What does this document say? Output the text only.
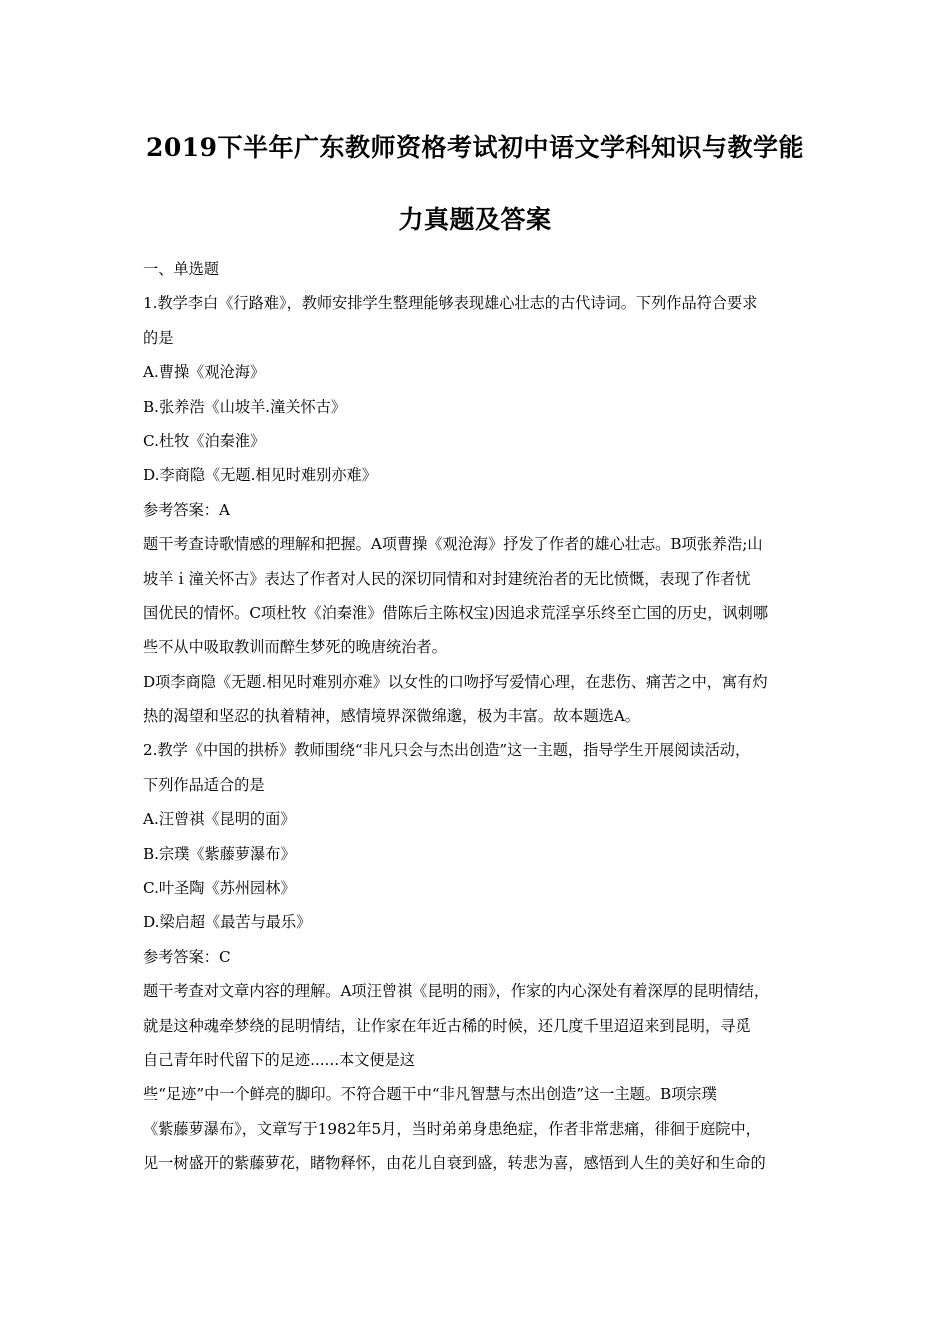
2019下半年广东教师资格考试初中语文学科知识与教学能
力真题及答案
一、单选题
1.教学李白《行路难》，教师安排学生整理能够表现雄心壮志的古代诗词。下列作品符合要求
的是
A.曹操《观沧海》
B.张养浩《山坡羊.潼关怀古》
C.杜牧《泊秦淮》
D.李商隐《无题.相见时难别亦难》
参考答案：A
题干考查诗歌情感的理解和把握。A项曹操《观沧海》抒发了作者的雄心壮志。B项张养浩;山
坡羊ｉ潼关怀古》表达了作者对人民的深切同情和对封建统治者的无比愤慨，表现了作者忧
国优民的情怀。C项杜牧《泊秦淮》借陈后主陈权宝)因追求荒淫享乐终至亡国的历史，讽刺哪
些不从中吸取教训而醉生梦死的晚唐统治者。
D项李商隐《无题.相见时难别亦难》以女性的口吻抒写爱情心理，在悲伤、痛苦之中，寓有灼
热的渴望和坚忍的执着精神，感情境界深微绵邈，极为丰富。故本题选A。
2.教学《中国的拱桥》教师围绕“非凡只会与杰出创造”这一主题，指导学生开展阅读活动，
下列作品适合的是
A.汪曾祺《昆明的面》
B.宗璞《紫藤萝瀑布》
C.叶圣陶《苏州园林》
D.梁启超《最苦与最乐》
参考答案：C
题干考查对文章内容的理解。A项汪曾祺《昆明的雨》，作家的内心深处有着深厚的昆明情结，
就是这种魂牵梦绕的昆明情结，让作家在年近古稀的时候，还几度千里迢迢来到昆明，寻觅
自己青年时代留下的足迹......本文便是这
些“足迹”中一个鲜亮的脚印。不符合题干中“非凡智慧与杰出创造”这一主题。B项宗璞
《紫藤萝瀑布》，文章写于1982年5月，当时弟弟身患绝症，作者非常悲痛，徘徊于庭院中，
见一树盛开的紫藤萝花，睹物释怀，由花儿自衰到盛，转悲为喜，感悟到人生的美好和生命的
